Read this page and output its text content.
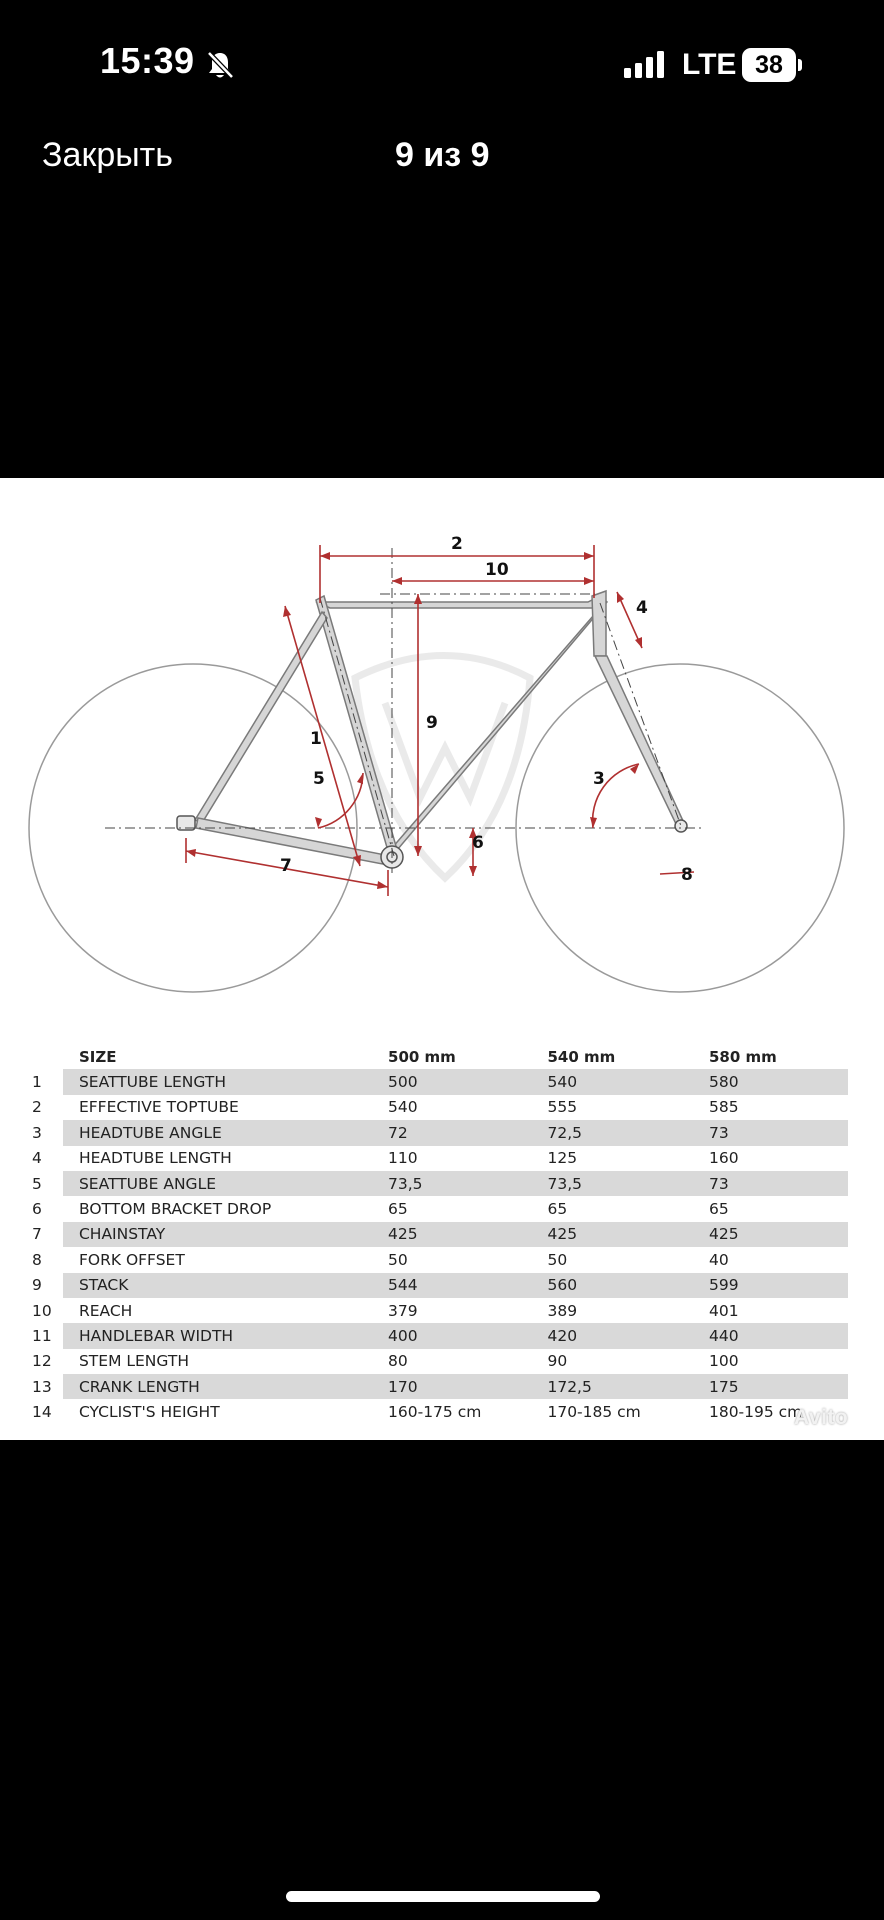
15:39	LTE 38
Закрыть	9 из 9
2
10
4
9
1
5	3
6
7	8
	SIZE	500 mm	540 mm	580 mm
1	SEATTUBE LENGTH	500	540	580
2	EFFECTIVE TOPTUBE	540	555	585
3	HEADTUBE ANGLE	72	72,5	73
4	HEADTUBE LENGTH	110	125	160
5	SEATTUBE ANGLE	73,5	73,5	73
6	BOTTOM BRACKET DROP	65	65	65
7	CHAINSTAY	425	425	425
8	FORK OFFSET	50	50	40
9	STACK	544	560	599
10	REACH	379	389	401
11	HANDLEBAR WIDTH	400	420	440
12	STEM LENGTH	80	90	100
13	CRANK LENGTH	170	172,5	175
14	CYCLIST'S HEIGHT	160-175 cm	170-185 cm	180-195 cm
Avito
